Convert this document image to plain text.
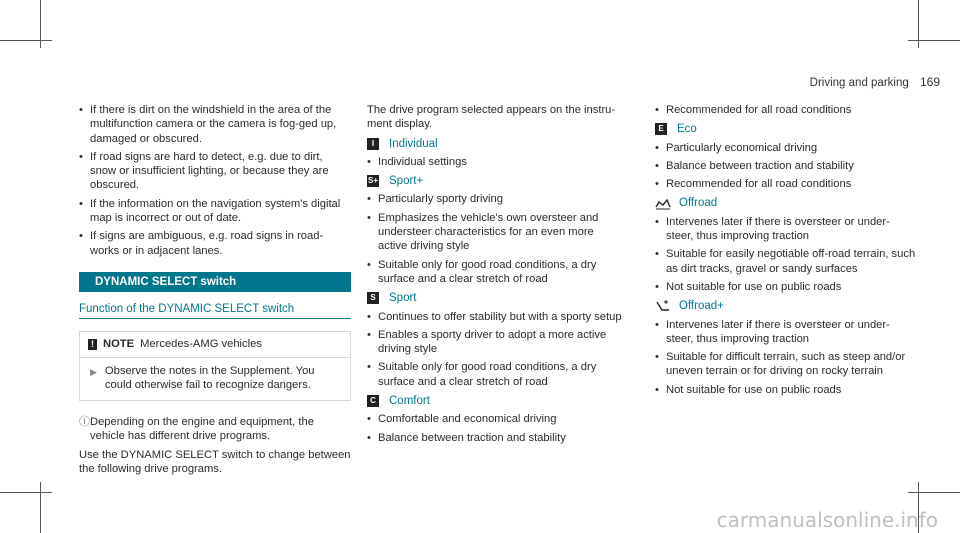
Driving and parking 169
• If there is dirt on the windshield in the area of the multifunction camera or the camera is fog-ged up, damaged or obscured.
• If road signs are hard to detect, e.g. due to dirt, snow or insufficient lighting, or because they are obscured.
• If the information on the navigation system's digital map is incorrect or out of date.
• If signs are ambiguous, e.g. road signs in road-works or in adjacent lanes.
DYNAMIC SELECT switch
Function of the DYNAMIC SELECT switch
! NOTE Mercedes-AMG vehicles
▶ Observe the notes in the Supplement. You could otherwise fail to recognize dangers.

ⓘ Depending on the engine and equipment, the vehicle has different drive programs.

Use the DYNAMIC SELECT switch to change between the following drive programs.

The drive program selected appears on the instru-ment display.

I	Individual
• Individual settings
S+ Sport+
• Particularly sporty driving
• Emphasizes the vehicle's own oversteer and understeer characteristics for an even more active driving style
• Suitable only for good road conditions, a dry surface and a clear stretch of road
S Sport
• Continues to offer stability but with a sporty setup
• Enables a sporty driver to adopt a more active driving style
• Suitable only for good road conditions, a dry surface and a clear stretch of road
C Comfort
• Comfortable and economical driving
• Balance between traction and stability
• Recommended for all road conditions
E Eco
• Particularly economical driving
• Balance between traction and stability
• Recommended for all road conditions
Offroad
• Intervenes later if there is oversteer or under-steer, thus improving traction
• Suitable for easily negotiable off-road terrain, such as dirt tracks, gravel or sandy surfaces
• Not suitable for use on public roads
Offroad+
• Intervenes later if there is oversteer or under-steer, thus improving traction
• Suitable for difficult terrain, such as steep and/or uneven terrain or for driving on rocky terrain
• Not suitable for use on public roads
carmanualsonline.info
